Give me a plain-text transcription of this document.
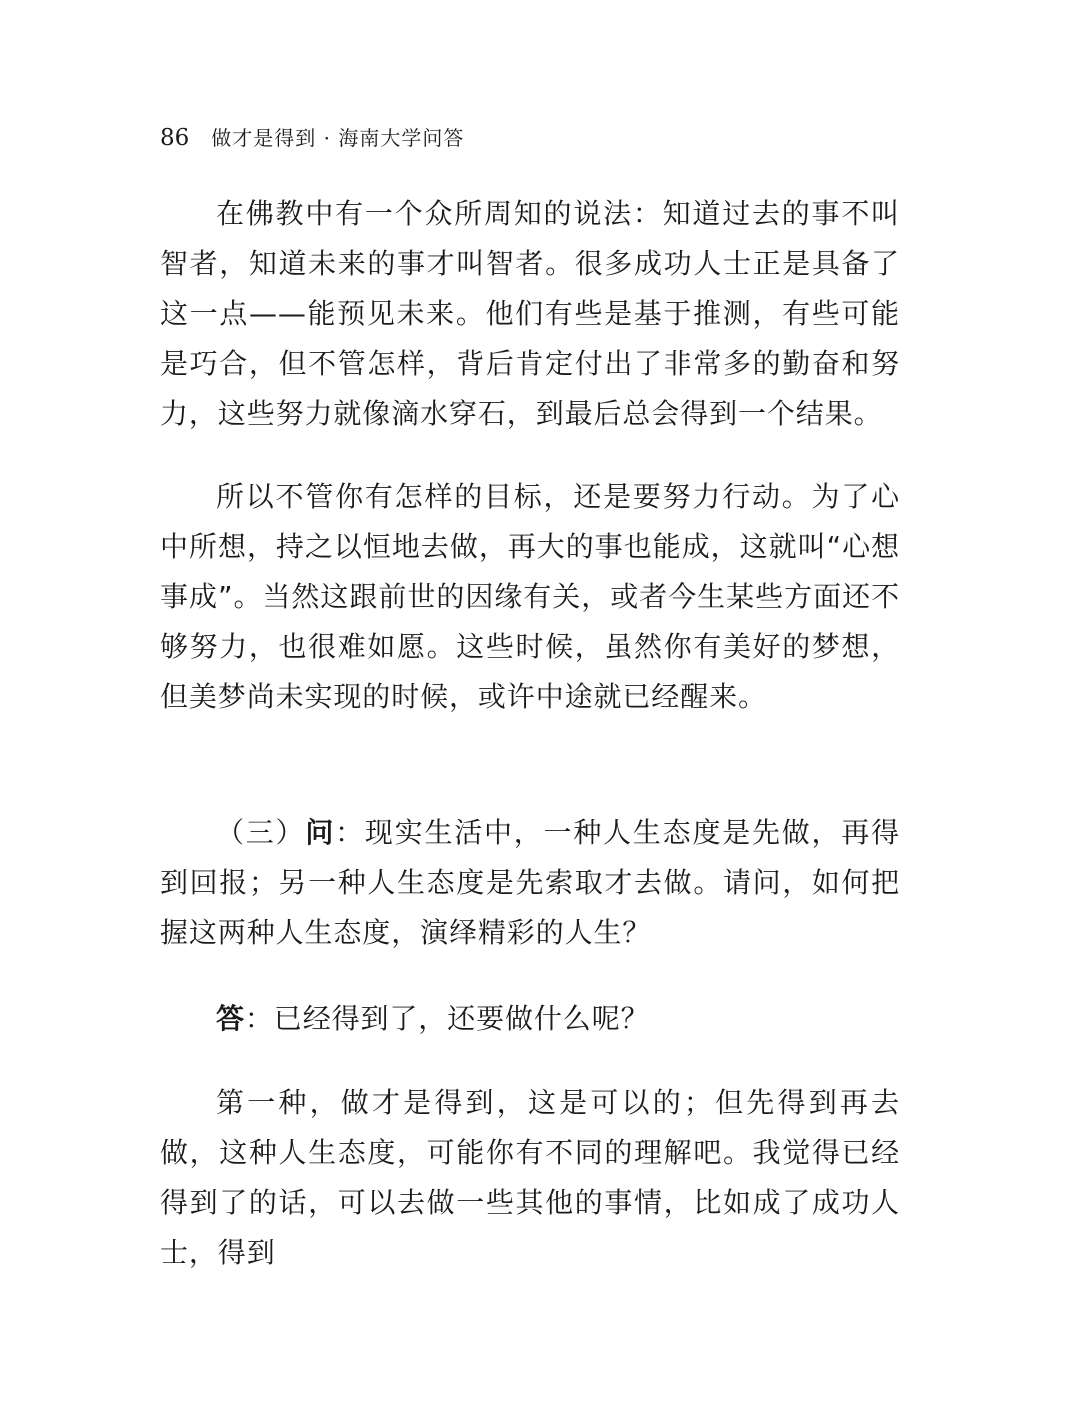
86 做才是得到 · 海南大学问答

在佛教中有一个众所周知的说法：知道过去的事不叫智者，知道未来的事才叫智者。很多成功人士正是具备了这一点——能预见未来。他们有些是基于推测，有些可能是巧合，但不管怎样，背后肯定付出了非常多的勤奋和努力，这些努力就像滴水穿石，到最后总会得到一个结果。

所以不管你有怎样的目标，还是要努力行动。为了心中所想，持之以恒地去做，再大的事也能成，这就叫“心想事成”。当然这跟前世的因缘有关，或者今生某些方面还不够努力，也很难如愿。这些时候，虽然你有美好的梦想，但美梦尚未实现的时候，或许中途就已经醒来。

（三）问：现实生活中，一种人生态度是先做，再得到回报；另一种人生态度是先索取才去做。请问，如何把握这两种人生态度，演绎精彩的人生？

答：已经得到了，还要做什么呢？

第一种，做才是得到，这是可以的；但先得到再去做，这种人生态度，可能你有不同的理解吧。我觉得已经得到了的话，可以去做一些其他的事情，比如成了成功人士，得到
